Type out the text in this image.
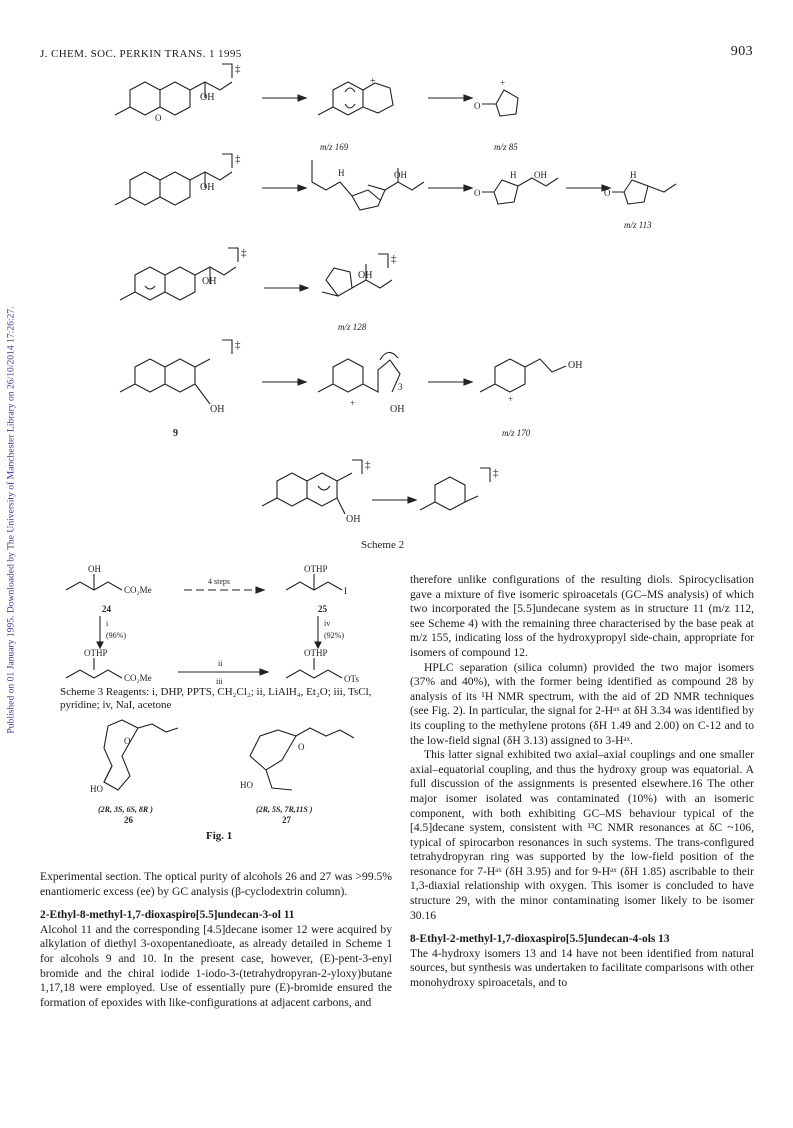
J. CHEM. SOC. PERKIN TRANS. 1 1995	903
Published on 01 January 1995. Downloaded by The University of Manchester Library on 26/10/2014 17:26:27.
OH
O
‡
+
m/z 169
O
+
m/z 85
OH
‡
H	OH
O
H OH
O
H
m/z 113
OH
‡
OH
‡
m/z 128
OH
9
‡
+
OH
3
OH
+
m/z 170
OH
‡
‡
Scheme 2
OH
CO₂Me
24
4 steps
OTHP
I
25
i
(96%)
iv
(92%)
OTHP
CO₂Me
ii
iii
OTHP
OTs
Scheme 3 Reagents: i, DHP, PPTS, CH₂Cl₂; ii, LiAlH₄, Et₂O; iii, TsCl, pyridine; iv, NaI, acetone
O
HO
(2R, 3S, 6S, 8R )
26
O
HO
(2R, 5S, 7R,11S )
27
Fig. 1

Experimental section. The optical purity of alcohols 26 and 27 was >99.5% enantiomeric excess (ee) by GC analysis (β-cyclodextrin column).

2-Ethyl-8-methyl-1,7-dioxaspiro[5.5]undecan-3-ol 11

Alcohol 11 and the corresponding [4.5]decane isomer 12 were acquired by alkylation of diethyl 3-oxopentanedioate, as already detailed in Scheme 1 for alcohols 9 and 10. In the present case, however, (E)-pent-3-enyl bromide and the chiral iodide 1-iodo-3-(tetrahydropyran-2-yloxy)butane 1,17,18 were employed. Use of essentially pure (E)-bromide ensured the formation of epoxides with like-configurations at adjacent carbons, and

therefore unlike configurations of the resulting diols. Spirocyclisation gave a mixture of five isomeric spiroacetals (GC–MS analysis) of which two incorporated the [5.5]undecane system as in structure 11 (m/z 112, see Scheme 4) with the remaining three characterised by the base peak at m/z 155, indicating loss of the hydroxypropyl side-chain, appropriate for isomers of compound 12.

HPLC separation (silica column) provided the two major isomers (37% and 40%), with the former being identified as compound 28 by analysis of its ¹H NMR spectrum, with the aid of 2D NMR techniques (see Fig. 2). In particular, the signal for 2-Hᵃˣ at δH 3.34 was identified by its coupling to the methylene protons (δH 1.49 and 2.00) on C-12 and to the low-field signal (δH 3.13) assigned to 3-Hᵃˣ.

This latter signal exhibited two axial–axial couplings and one smaller axial–equatorial coupling, and thus the hydroxy group was equatorial. A full discussion of the assignments is presented elsewhere.16 The other major isomer isolated was contaminated (10%) with an isomeric component, with both exhibiting GC–MS behaviour typical of the [4.5]decane system, consistent with ¹³C NMR resonances at δC ~106, typical of spirocarbon resonances in such systems. The trans-configured tetrahydropyran ring was supported by the low-field position of the resonance for 7-Hᵃˣ (δH 3.95) and for 9-Hᵃˣ (δH 1.85) ascribable to their 1,3-diaxial relationship with oxygen. This isomer is concluded to have structure 29, with the minor contaminating isomer likely to be isomer 30.16

8-Ethyl-2-methyl-1,7-dioxaspiro[5.5]undecan-4-ols 13

The 4-hydroxy isomers 13 and 14 have not been identified from natural sources, but synthesis was undertaken to facilitate comparisons with other monohydroxy spiroacetals, and to
